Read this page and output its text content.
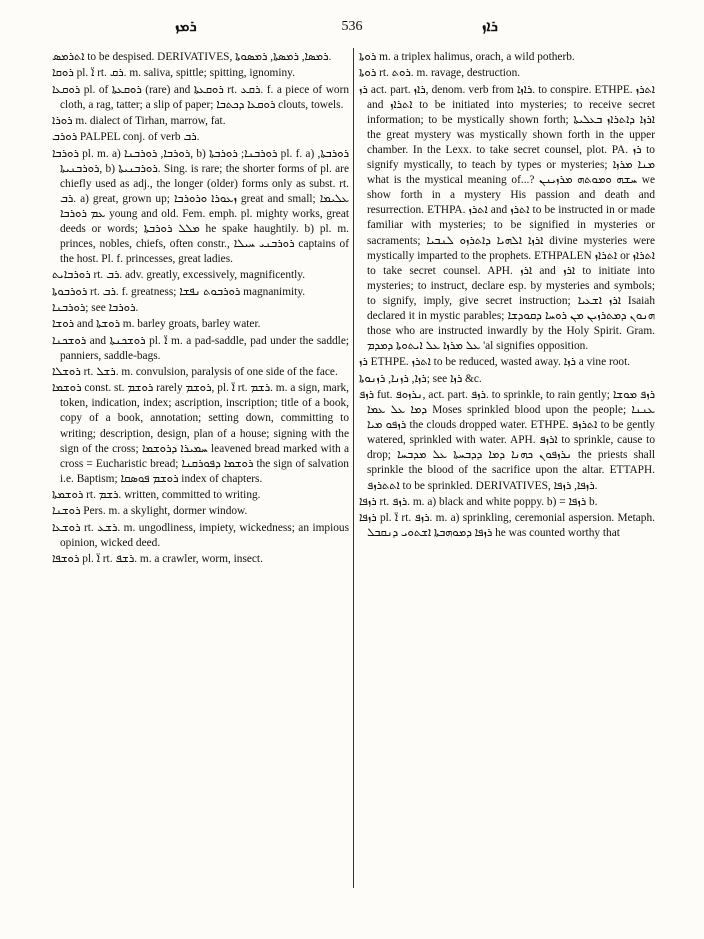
ܪܡܙ	536	ܪܐܙ

ܐܬܪܡܣ to be despised. DERIVATIVES, ܪܡܣܐ, ܪܡܣܬܐ, ܪܡܣܘܬܐ.

ܪܘܩܐ pl. ܐ̈ rt. ܪܩ. m. saliva, spittle; spitting, ignominy.

ܪܘܩܥܐ pl. of ܪܘܩܥܬܐ (rare) and ܪܘܩܥܬܐ rt. ܪܩܥ. f. a piece of worn cloth, a rag, tatter; a slip of paper; ܪܘܩܥܐ ܕܟܬܒܐ clouts, towels.

ܪܘܪܐ m. dialect of Tirhan, marrow, fat.

ܪܘܪܒ PALPEL conj. of verb ܪܒ.

ܪܘܪܒܐ pl. m. a) ܪܘܪܒܐ, ܪܘܪܒܢܐ, b) ܪܘܪܒܢܐ; ܪܘܪܒܬܐ pl. f. a) ܪܘܪܒܬܐ, ܪܘܪܒܢܝܬܐ, b) ܪܘܪܒܢܝܬܐ. Sing. is rare; the shorter forms of pl. are chiefly used as adj., the longer (older) forms only as subst. rt. ܪܒ. a) great, grown up; ܙܥܘܪܐ ܘܪܘܪܒܐ great and small; ܥܠܝܡܐ ܥܡ ܪܘܪܒܐ young and old. Fem. emph. pl. mighty works, great deeds or words; ܡܠܠ ܪܘܪܒܬܐ he spake haughtily. b) pl. m. princes, nobles, chiefs, often constr., ܪܘܪܒܢܝ ܚܝܠܐ captains of the host. Pl. f. princesses, great ladies.

ܪܘܪܒܐܝܬ rt. ܪܒ. adv. greatly, excessively, magnificently.

ܪܘܪܒܘܬܐ rt. ܪܒ. f. greatness; ܪܘܪܒܘܬ ܢܦܫܐ magnanimity.

ܪܘܪܒܢܐ; see ܪܘܪܒܐ.

ܪܘܫܐ and ܪܘܫܬܐ m. barley groats, barley water.

ܪܘܫܟܢܐ and ܪܘܫܟܢܬܐ pl. ܐ̈ m. a pad-saddle, pad under the saddle; panniers, saddle-bags.

ܪܘܫܠܐ rt. ܪܫܠ. m. convulsion, paralysis of one side of the face.

ܪܘܫܡܐ const. st. ܪܘܫܡ rarely ܪܘܫܡ, pl. ܐ̈ rt. ܪܫܡ. m. a sign, mark, token, indication, index; ascription, inscription; title of a book, copy of a book, annotation; setting down, committing to writing; description, design, plan of a house; signing with the sign of the cross; ܚܡܝܪܐ ܕܪܘܫܡܐ leavened bread marked with a cross = Eucharistic bread; ܪܘܫܡܐ ܕܦܘܪܩܢܐ the sign of salvation i.e. Baptism; ܪܘܫܡ ܦܘܣܩܐ index of chapters.

ܪܘܫܡܬܐ rt. ܪܫܡ. written, committed to writing.

ܪܘܫܢܐ Pers. m. a skylight, dormer window.

ܪܘܫܥܐ rt. ܪܫܥ. m. ungodliness, impiety, wickedness; an impious opinion, wicked deed.

ܪܘܫܦܐ pl. ܐ̈ rt. ܪܫܦ. m. a crawler, worm, insect.

ܪܘܬܐ m. a triplex halimus, orach, a wild potherb.

ܪܘܬܐ rt. ܪܘܬ. m. ravage, destruction.

ܪܙ act. part. ܪܐܙ, denom. verb from ܪܐܙܐ. to conspire. ETHPE. ܐܬܪܙ and ܐܬܪܐܙ to be initiated into mysteries; to receive secret information; to be mystically shown forth; ܐܪܙܐ ܕܐܬܪܐܙ ܒܥܠܝܬܐ the great mystery was mystically shown forth in the upper chamber. In the Lexx. to take secret counsel, plot. PA. ܪܙ to signify mystically, to teach by types or mysteries; ܡܢܐ ܡܪܙܐ what is the mystical meaning of...? ܚܫܗ ܘܡܘܬܗ ܡܪܙܝܢܢ we show forth in a mystery His passion and death and resurrection. ETHPA. ܐܬܪܙ and ܐܬܪܙ to be instructed in or made familiar with mysteries; to be signified in mysteries or sacraments; ܐܪܙܐ ܐܠܗܝܐ ܕܐܬܪܙܘ ܠܢܒܝܐ divine mysteries were mystically imparted to the prophets. ETHPALEN ܐܬܪܐܙ or ܐܬܪܐܙ to take secret counsel. APH. ܐܪܙ and ܐܪܙ to initiate into mysteries; to instruct, declare esp. by mysteries and symbols; to signify, imply, give secret instruction; ܐܪܙ ܐܫܥܝܐ Isaiah declared it in mystic parables; ܗܢܘܢ ܕܡܬܪܙܝܢ ܡܢ ܪܘܚܐ ܕܩܘܕܫܐ those who are instructed inwardly by the Holy Spirit. Gram. ܥܠ ܡܪܙܐ ܥܠ ܐܝܬܘܬܐ ܕܡܕܡ 'al signifies opposition.

ܪܙ ETHPE. ܐܬܪܙ to be reduced, wasted away. ܪܙܐ a vine root.

ܪܙܐ, ܪܙܢܐ, ܪܙܢܘܬܐ; see ܪܙܐ &c.

ܪܙܦ fut. ܢܪܙܘܦ, act. part. ܪܙܦ. to sprinkle, to rain gently; ܪܙܦ ܡܘܫܐ ܕܡܐ ܥܠ ܥܡܐ Moses sprinkled blood upon the people; ܥܢܢܐ ܪܙܦܘ ܡܝܐ the clouds dropped water. ETHPE. ܐܬܪܙܦ to be gently watered, sprinkled with water. APH. ܐܪܙܦ to sprinkle, cause to drop; ܢܪܙܦܘܢ ܟܗܢܐ ܕܡܐ ܕܕܒܚܬܐ ܥܠ ܡܕܒܚܐ the priests shall sprinkle the blood of the sacrifice upon the altar. ETTAPH. ܐܬܬܪܙܦ to be sprinkled. DERIVATIVES, ܪܙܦܐ, ܪܙܦܐ.

ܪܙܦܐ rt. ܪܙܦ. m. a) black and white poppy. b) = ܪܙܦܐ b.

ܪܙܦܐ pl. ܐ̈ rt. ܪܙܦ. m. a) sprinkling, ceremonial aspersion. Metaph. ܪܙܦܐ ܕܡܘܗܒܬܐ ܐܫܬܘܝ ܕܢܩܒܠ he was counted worthy that
